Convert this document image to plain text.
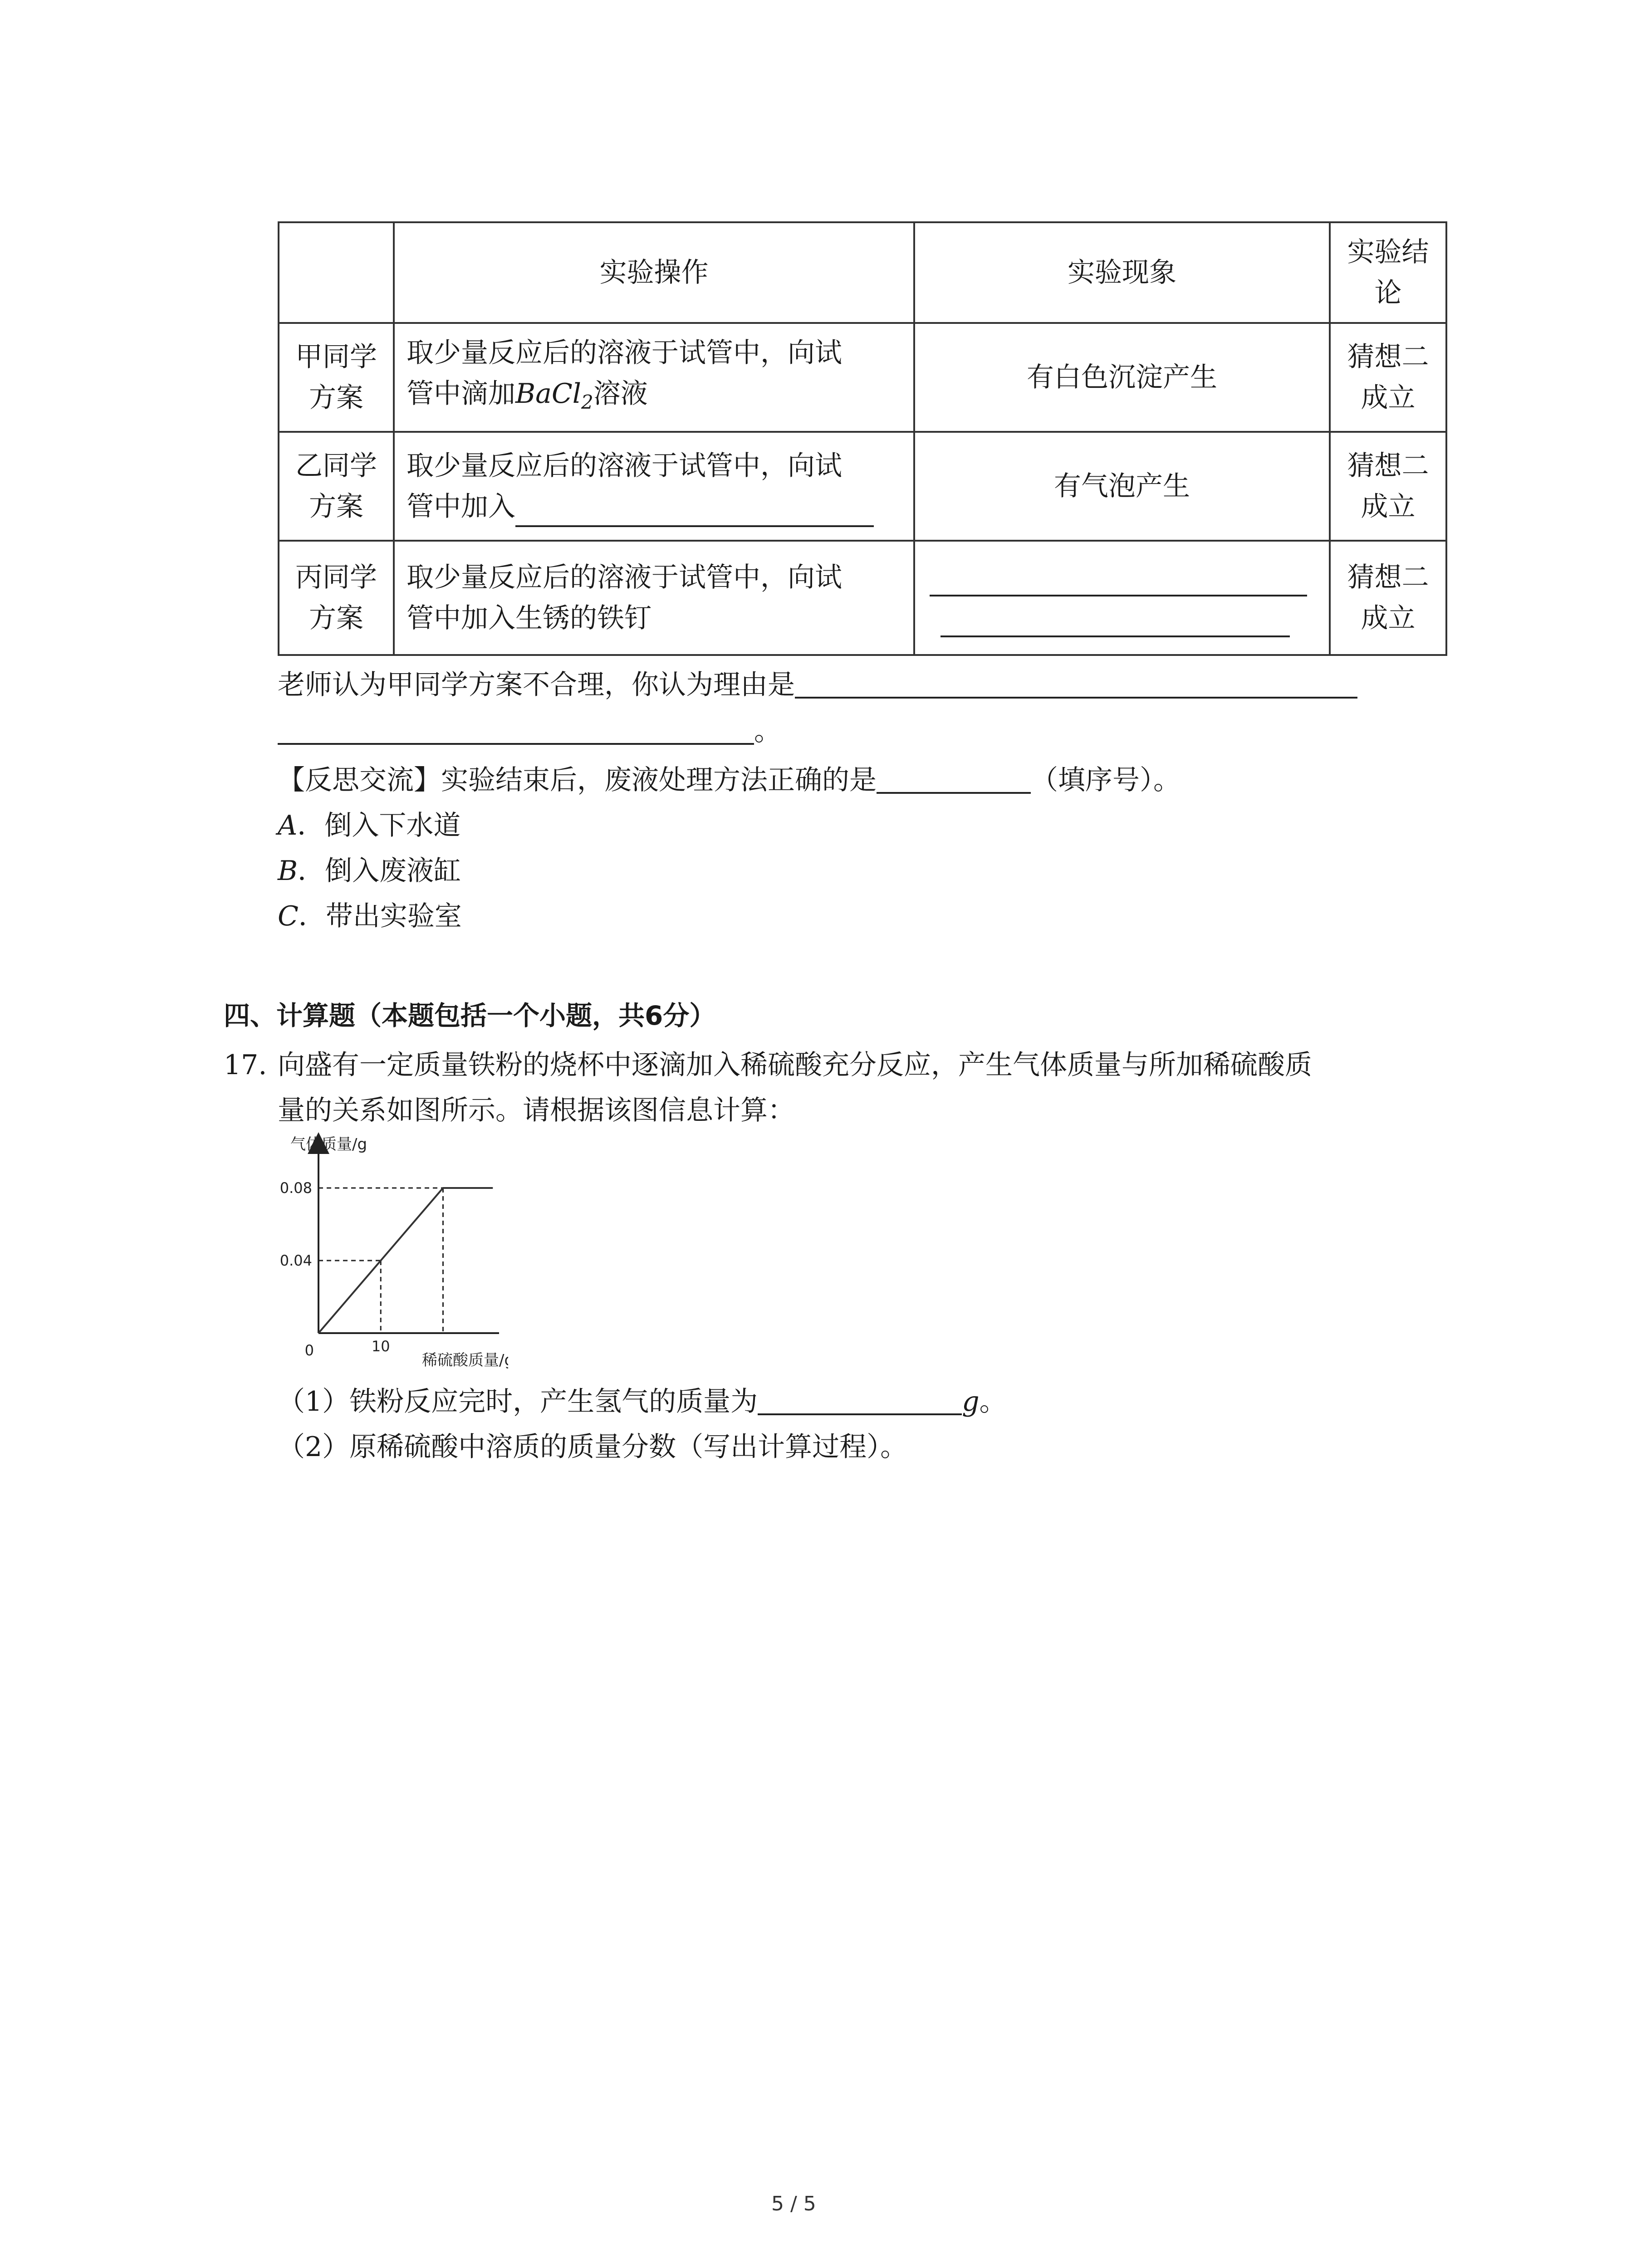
	实验操作	实验现象	实验结
论

甲同学
方案	取少量反应后的溶液于试管中，向试
管中滴加BaCl$_2$溶液	有白色沉淀产生	猜想二
成立

乙同学
方案	取少量反应后的溶液于试管中，向试
管中加入	有气泡产生	猜想二
成立

丙同学
方案	取少量反应后的溶液于试管中，向试
管中加入生锈的铁钉		猜想二
成立
老师认为甲同学方案不合理，你认为理由是
。
【反思交流】实验结束后，废液处理方法正确的是	（填序号）。
A．倒入下水道
B．倒入废液缸
C．带出实验室
四、计算题（本题包括一个小题，共6分）
17. 向盛有一定质量铁粉的烧杯中逐滴加入稀硫酸充分反应，产生气体质量与所加稀硫酸质
量的关系如图所示。请根据该图信息计算：
0.04
0.08
10
气体质量/g
稀硫酸质量/g
0
（1）铁粉反应完时，产生氢气的质量为	g。
（2）原稀硫酸中溶质的质量分数（写出计算过程）。
5 / 5
